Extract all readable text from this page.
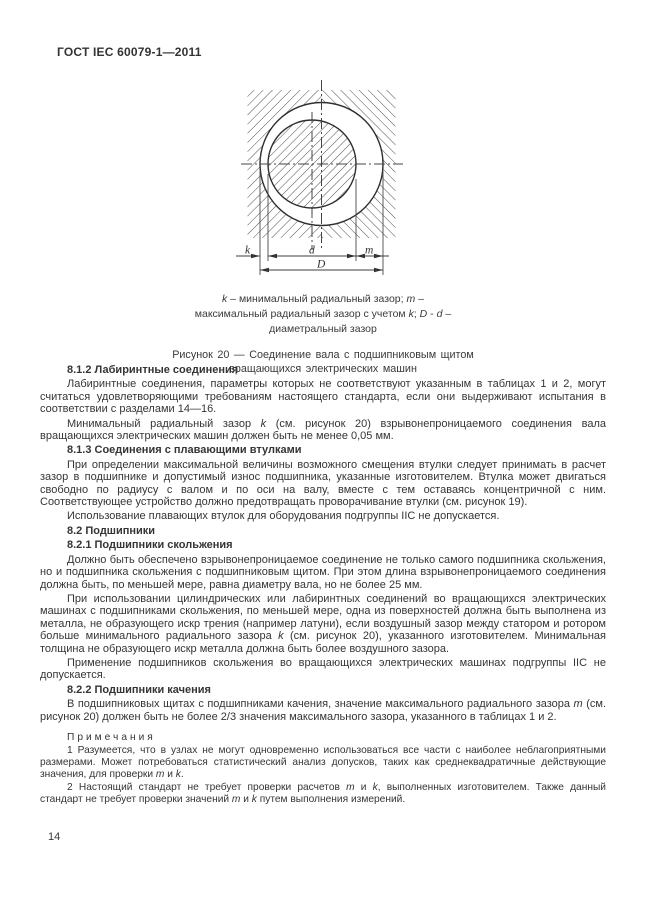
ГОСТ IEC 60079-1—2011
k	d	m
D
k – минимальный радиальный зазор; m – максимальный радиальный зазор с учетом k; D - d – диаметральный зазор
Рисунок 20 — Соединение вала с подшипниковым щитом вращающихся электрических машин
8.1.2 Лабиринтные соединения

Лабиринтные соединения, параметры которых не соответствуют указанным в таблицах 1 и 2, могут считаться удовлетворяющими требованиям настоящего стандарта, если они выдерживают испытания в соответствии с разделами 14—16.

Минимальный радиальный зазор k (см. рисунок 20) взрывонепроницаемого соединения вала вращающихся электрических машин должен быть не менее 0,05 мм.

8.1.3 Соединения с плавающими втулками

При определении максимальной величины возможного смещения втулки следует принимать в расчет зазор в подшипнике и допустимый износ подшипника, указанные изготовителем. Втулка может двигаться свободно по радиусу с валом и по оси на валу, вместе с тем оставаясь концентричной с ним. Соответствующее устройство должно предотвращать проворачивание втулки (см. рисунок 19).

Использование плавающих втулок для оборудования подгруппы IIC не допускается.

8.2 Подшипники
8.2.1 Подшипники скольжения

Должно быть обеспечено взрывонепроницаемое соединение не только самого подшипника скольжения, но и подшипника скольжения с подшипниковым щитом. При этом длина взрывонепроницаемого соединения должна быть, по меньшей мере, равна диаметру вала, но не более 25 мм.

При использовании цилиндрических или лабиринтных соединений во вращающихся электрических машинах с подшипниками скольжения, по меньшей мере, одна из поверхностей должна быть выполнена из металла, не образующего искр трения (например латуни), если воздушный зазор между статором и ротором больше минимального радиального зазора k (см. рисунок 20), указанного изготовителем. Минимальная толщина не образующего искр металла должна быть более воздушного зазора.

Применение подшипников скольжения во вращающихся электрических машинах подгруппы IIC не допускается.

8.2.2 Подшипники качения

В подшипниковых щитах с подшипниками качения, значение максимального радиального зазора m (см. рисунок 20) должен быть не более 2/3 значения максимального зазора, указанного в таблицах 1 и 2.

Примечания

1 Разумеется, что в узлах не могут одновременно использоваться все части с наиболее неблагоприятными размерами. Может потребоваться статистический анализ допусков, таких как среднеквадратичные действующие значения, для проверки m и k.

2 Настоящий стандарт не требует проверки расчетов m и k, выполненных изготовителем. Также данный стандарт не требует проверки значений m и k путем выполнения измерений.

14
